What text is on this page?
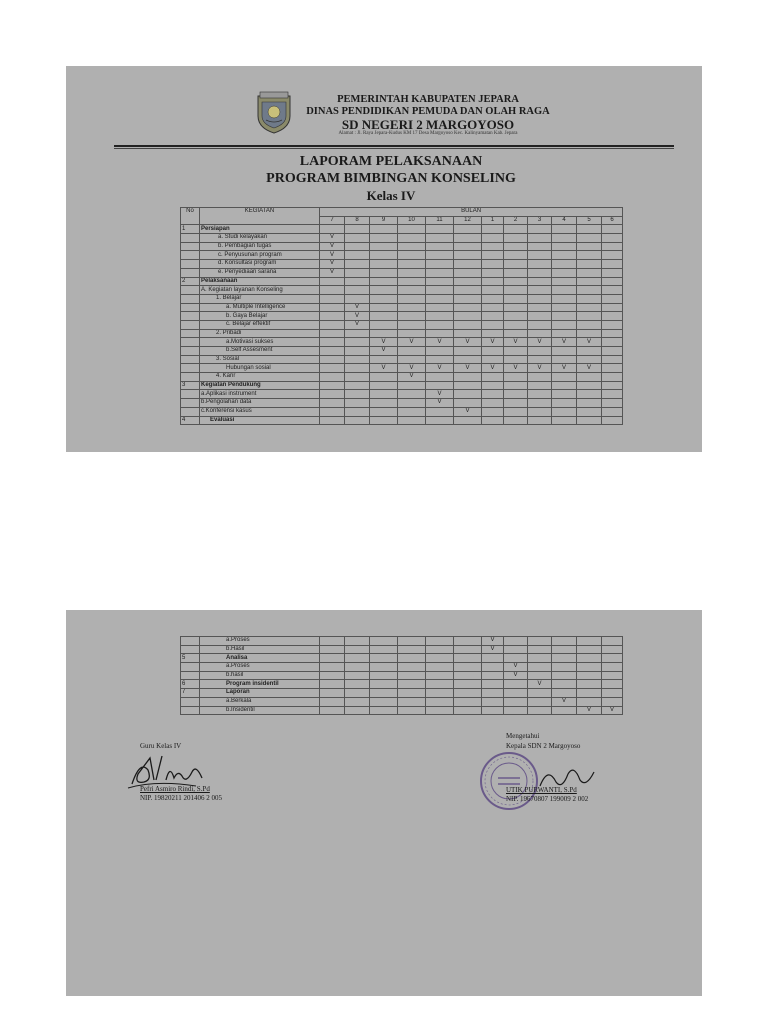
PEMERINTAH KABUPATEN JEPARA
DINAS PENDIDIKAN PEMUDA DAN OLAH RAGA
SD NEGERI 2 MARGOYOSO
Alamat : Jl. Raya Jepara-Kudus KM 17 Desa Margoyoso Kec. Kalinyamatan Kab. Jepara
LAPORAM PELAKSANAAN
PROGRAM BIMBINGAN KONSELING
Kelas IV
No	KEGIATAN	BULAN											
		7	8	9	10	11	12	1	2	3	4	5	6
1	Persiapan												
	a. Studi kelayakan	V											
	b. Pembagian tugas	V											
	c. Penyusunan program	V											
	d. Konsultasi program	V											
	e. Penyediaan sarana	V											
2	Pelaksanaan												
	A. Kegiatan layanan Konseling												
	1. Belajar												
	a. Multiple Intelligence		V										
	b. Gaya Belajar		V										
	c. Belajar effektif		V										
	2. Pribadi												
	a.Motivasi sukses			V	V	V	V	V	V	V	V	V	
	b.Self Assesment			V									
	3. Sosial												
	Hubungan sosial			V	V	V	V	V	V	V	V	V	
	4. Karir				V								
3	Kegiatan Pendukung												
	a.Aplikasi instrument					V							
	b.Pengolahan data					V							
	c.Konferensi kasus						V						
4	Evaluasi												
	a.Proses							V					
	b.Hasil							V					
5	Analisa												
	a.Proses								V				
	b.hasil								V				
6	Program insidentil									V			
7	Laporan												
	a.Berkala										V		
	b.Insidentil											V	V
Guru Kelas IV
Pefri Asmiro Rindi, S.Pd
NIP. 19820211 201406 2 005
Mengetahui
Kepala SDN 2 Margoyoso
UTIK PURWANTI, S.Pd
NIP. 19670807 199009 2 002
